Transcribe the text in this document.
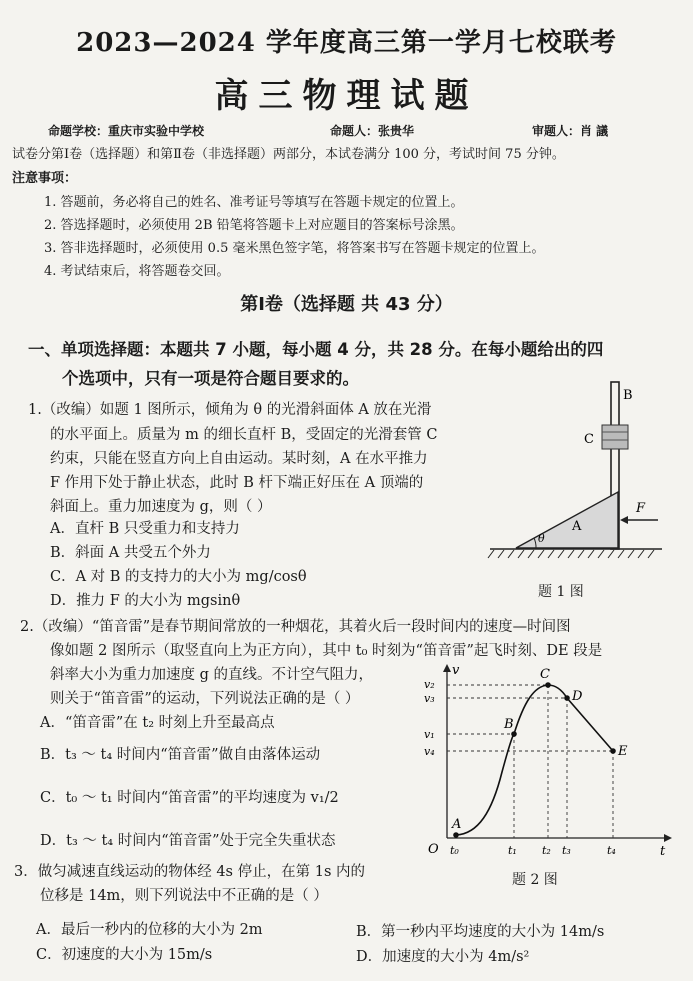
2023—2024 学年度高三第一学月七校联考
高三物理试题
命题学校：重庆市实验中学校	命题人：张贵华	审题人：肖 議
试卷分第Ⅰ卷（选择题）和第Ⅱ卷（非选择题）两部分，本试卷满分 100 分，考试时间 75 分钟。
注意事项：
1. 答题前，务必将自己的姓名、准考证号等填写在答题卡规定的位置上。
2. 答选择题时，必须使用 2B 铅笔将答题卡上对应题目的答案标号涂黑。
3. 答非选择题时，必须使用 0.5 毫米黑色签字笔，将答案书写在答题卡规定的位置上。
4. 考试结束后，将答题卷交回。
第Ⅰ卷（选择题 共 43 分）
一、单项选择题：本题共 7 小题，每小题 4 分，共 28 分。在每小题给出的四
个选项中，只有一项是符合题目要求的。
1.（改编）如题 1 图所示，倾角为 θ 的光滑斜面体 A 放在光滑
的水平面上。质量为 m 的细长直杆 B，受固定的光滑套管 C
约束，只能在竖直方向上自由运动。某时刻，A 在水平推力
F 作用下处于静止状态，此时 B 杆下端正好压在 A 顶端的
斜面上。重力加速度为 g，则（ ）
A．直杆 B 只受重力和支持力
B．斜面 A 共受五个外力
C．A 对 B 的支持力的大小为 mg/cosθ
D．推力 F 的大小为 mgsinθ
B
C
A
θ
F
题 1 图
2.（改编）“笛音雷”是春节期间常放的一种烟花，其着火后一段时间内的速度—时间图
像如题 2 图所示（取竖直向上为正方向），其中 t₀ 时刻为“笛音雷”起飞时刻、DE 段是
斜率大小为重力加速度 g 的直线。不计空气阻力，
则关于“笛音雷”的运动，下列说法正确的是（ ）
A．“笛音雷”在 t₂ 时刻上升至最高点
B．t₃ ～ t₄ 时间内“笛音雷”做自由落体运动
C．t₀ ～ t₁ 时间内“笛音雷”的平均速度为 v₁/2
D．t₃ ～ t₄ 时间内“笛音雷”处于完全失重状态
v
t
O
A
B
C
D
E
v₂
v₃
v₁
v₄
t₀	t₁ t₂ t₃	t₄
题 2 图
3．做匀减速直线运动的物体经 4s 停止，在第 1s 内的
位移是 14m，则下列说法中不正确的是（ ）
A．最后一秒内的位移的大小为 2m	B．第一秒内平均速度的大小为 14m/s
C．初速度的大小为 15m/s	D．加速度的大小为 4m/s²
